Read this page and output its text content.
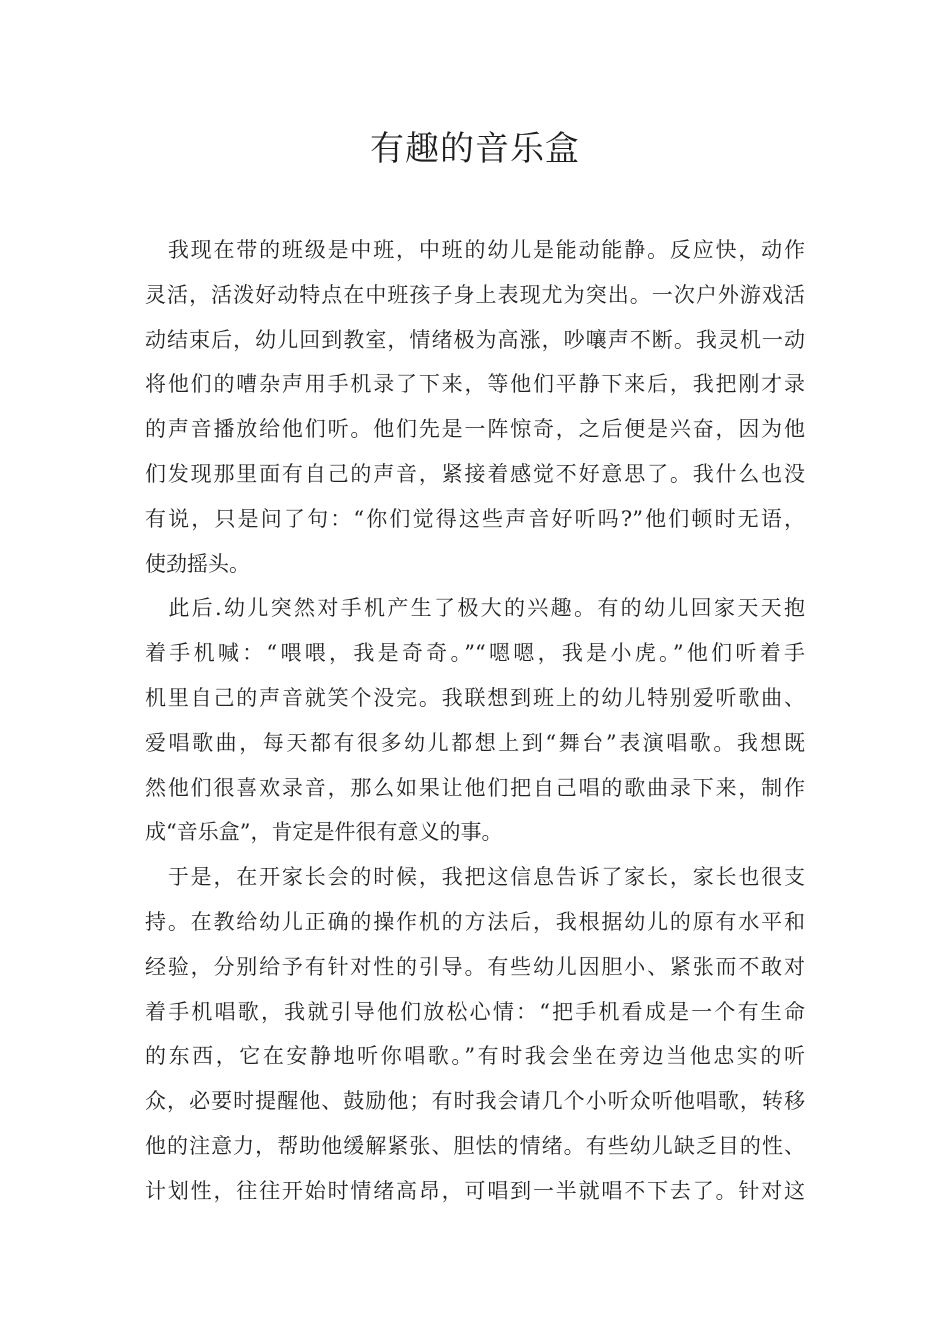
有趣的音乐盒
　我现在带的班级是中班，中班的幼儿是能动能静。反应快，动作
灵活，活泼好动特点在中班孩子身上表现尤为突出。一次户外游戏活
动结束后，幼儿回到教室，情绪极为高涨，吵嚷声不断。我灵机一动
将他们的嘈杂声用手机录了下来，等他们平静下来后，我把刚才录
的声音播放给他们听。他们先是一阵惊奇，之后便是兴奋，因为他
们发现那里面有自己的声音，紧接着感觉不好意思了。我什么也没
有说，只是问了句：“你们觉得这些声音好听吗?”他们顿时无语，
使劲摇头。
　此后.幼儿突然对手机产生了极大的兴趣。有的幼儿回家天天抱
着手机喊：“喂喂，我是奇奇。”“嗯嗯，我是小虎。”他们听着手
机里自己的声音就笑个没完。我联想到班上的幼儿特别爱听歌曲、
爱唱歌曲，每天都有很多幼儿都想上到“舞台”表演唱歌。我想既
然他们很喜欢录音，那么如果让他们把自己唱的歌曲录下来，制作
成“音乐盒”，肯定是件很有意义的事。
　于是，在开家长会的时候，我把这信息告诉了家长，家长也很支
持。在教给幼儿正确的操作机的方法后，我根据幼儿的原有水平和
经验，分别给予有针对性的引导。有些幼儿因胆小、紧张而不敢对
着手机唱歌，我就引导他们放松心情：“把手机看成是一个有生命
的东西，它在安静地听你唱歌。”有时我会坐在旁边当他忠实的听
众，必要时提醒他、鼓励他；有时我会请几个小听众听他唱歌，转移
他的注意力，帮助他缓解紧张、胆怯的情绪。有些幼儿缺乏目的性、
计划性，往往开始时情绪高昂，可唱到一半就唱不下去了。针对这
